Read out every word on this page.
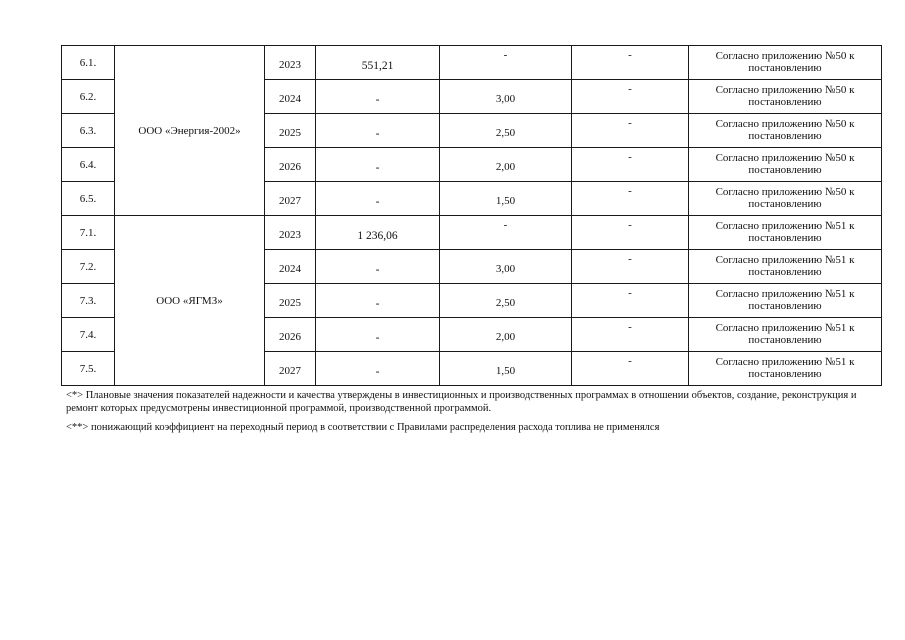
6.1.	ООО «Энергия-2002»	2023	551,21	-	-	Согласно приложению №50 к постановлению

6.2.		2024	-	3,00	-	Согласно приложению №50 к постановлению

6.3.		2025	-	2,50	-	Согласно приложению №50 к постановлению

6.4.		2026	-	2,00	-	Согласно приложению №50 к постановлению

6.5.		2027	-	1,50	-	Согласно приложению №50 к постановлению

7.1.	ООО «ЯГМЗ»	2023	1 236,06	-	-	Согласно приложению №51 к постановлению

7.2.		2024	-	3,00	-	Согласно приложению №51 к постановлению

7.3.		2025	-	2,50	-	Согласно приложению №51 к постановлению

7.4.		2026	-	2,00	-	Согласно приложению №51 к постановлению

7.5.		2027	-	1,50	-	Согласно приложению №51 к постановлению

<*> Плановые значения показателей надежности и качества утверждены в инвестиционных и производственных программах в отношении объектов, создание, реконструкция и ремонт которых предусмотрены инвестиционной программой, производственной программой.

<**> понижающий коэффициент на переходный период в соответствии с Правилами распределения расхода топлива не применялся
